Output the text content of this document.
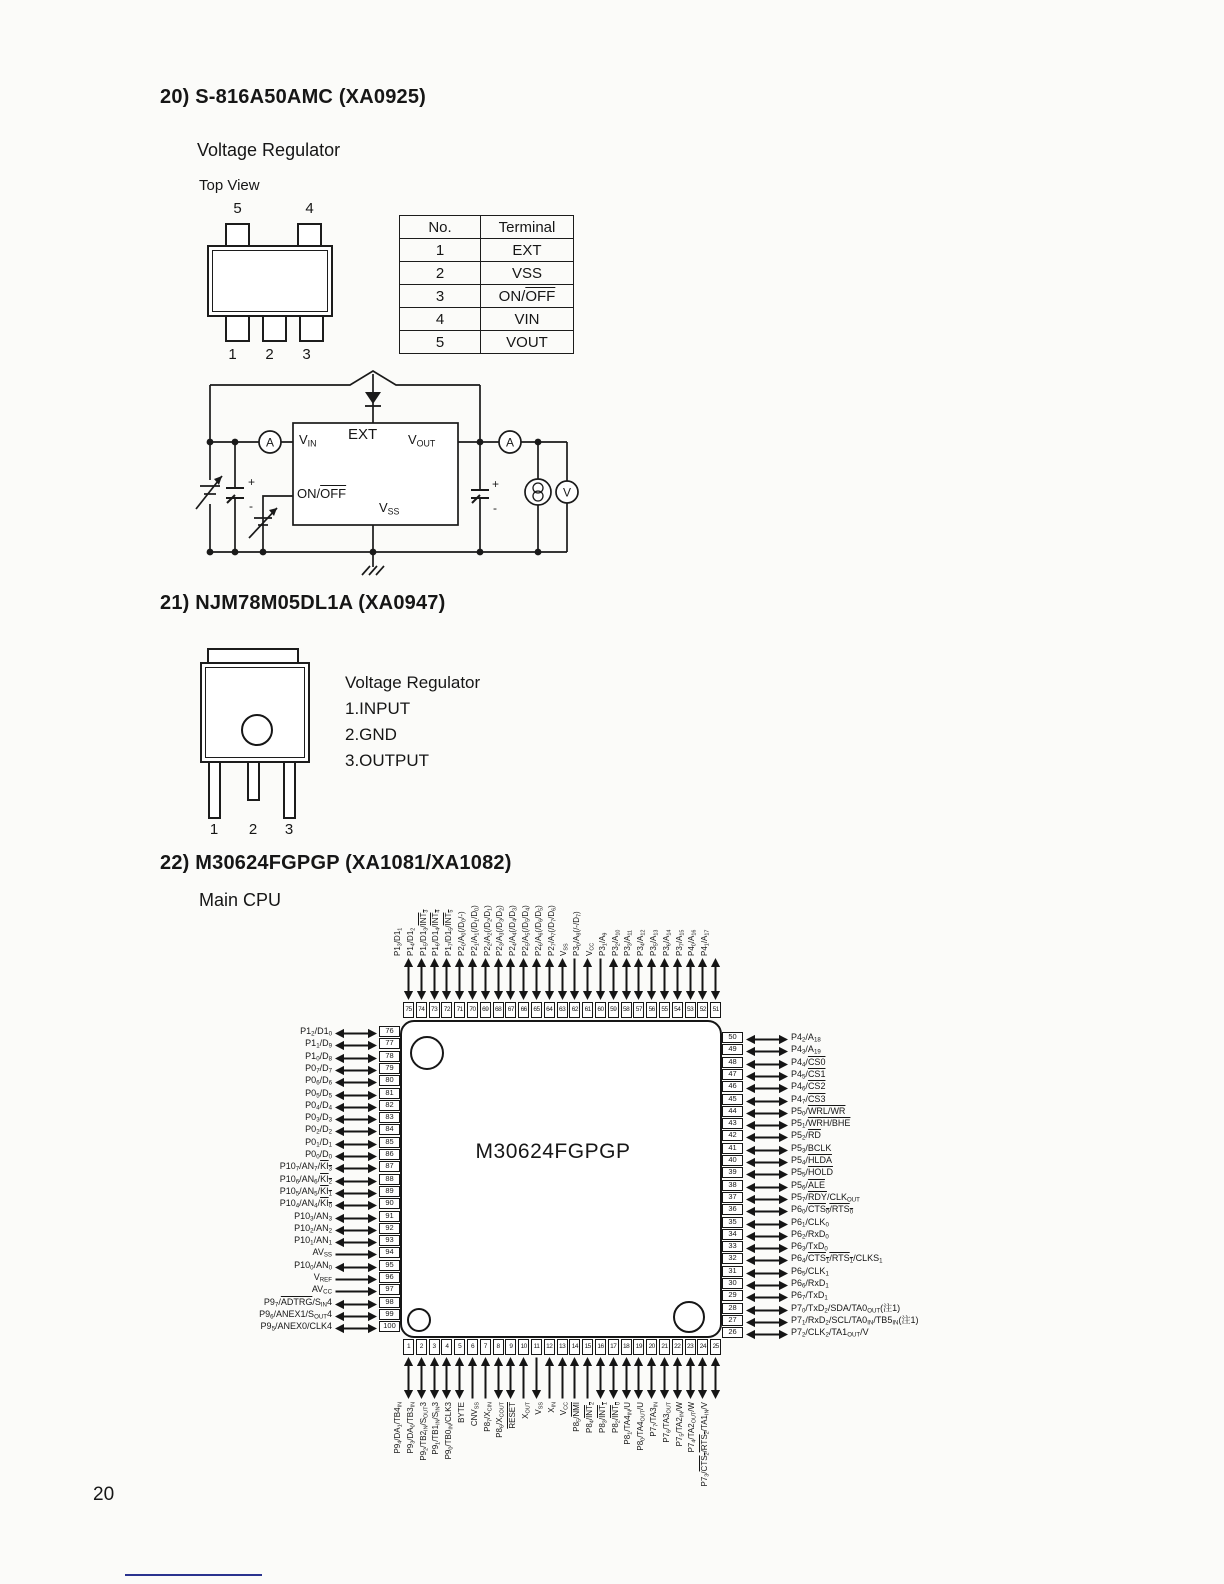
20) S-816A50AMC (XA0925)
Voltage Regulator
Top View
5	4
1	2	3
No.	Terminal
1	EXT
2	VSS
3	$ON/\overline{OFF}$
4	VIN
5	VOUT
A	A
V
+
-
+
-
$V_{IN}$
EXT $V_{OUT}$
$ON/\overline{OFF}$
$V_{SS}$
21) NJM78M05DL1A (XA0947)
1	2	3
Voltage Regulator
1.INPUT
2.GND
3.OUTPUT
22) M30624FGPGP (XA1081/XA1082)
Main CPU
M30624FGPGP
75
$P1_3/D1_1$
74
$P1_4/D1_2$
73
$P1_5/D1_3/INT_3$
72
$P1_6/D1_4/INT_4$
71
$P1_7/D1_5/INT_5$
70
$P2_0/A_0(/D_0/-)$
69
$P2_1/A_1(/D_1/D_0)$
68
$P2_2/A_2(/D_2/D_1)$
67
$P2_3/A_3(/D_3/D_2)$
66
$P2_4/A_4(/D_4/D_3)$
65
$P2_5/A_5(/D_5/D_4)$
64
$P2_6/A_6(/D_6/D_5)$
63
$P2_7/A_7(/D_7/D_6)$
62
$V_{SS}$
61
$P3_0/A_8(/-/D_7)$
60
$V_{CC}$
59
$P3_1/A_9$
58
$P3_2/A_{10}$
57
$P3_3/A_{11}$
56
$P3_4/A_{12}$
55
$P3_5/A_{13}$
54
$P3_6/A_{14}$
53
$P3_7/A_{15}$
52
$P4_0/A_{16}$
51
$P4_1/A_{17}$
1
$P9_4/DA_1/TB4_{IN}$
2
$P9_3/DA_0/TB3_{IN}$
3
$P9_2/TB2_{IN}/S_{OUT}3$
4
$P9_1/TB1_{IN}/S_{IN}3$
5
$P9_0/TB0_{IN}/CLK3$
6
BYTE
7
$CNV_{SS}$
8
$P8_7/X_{CIN}$
9
$P8_6/X_{COUT}$
10
RESET
11
$X_{OUT}$
12
$V_{SS}$
13
$X_{IN}$
14
$V_{CC}$
15
$P8_5/\overline{NMI}$
16
$P8_4/INT_2$
17
$P8_3/INT_1$
18
$P8_2/INT_0$
19
$P8_1/TA4_{IN}/U$
20
$P8_0/TA4_{OUT}/U$
21
$P7_7/TA3_{IN}$
22
$P7_6/TA3_{OUT}$
23
$P7_5/TA2_{IN}/W$
24
$P7_4/TA2_{OUT}/W$
25
$P7_3/CTS_2/RTS_2/TA1_{IN}/V$
76
$P1_2/D1_0$
77
$P1_1/D_9$
78
$P1_0/D_8$
79
$P0_7/D_7$
80
$P0_6/D_6$
81
$P0_5/D_5$
82
$P0_4/D_4$
83
$P0_3/D_3$
84
$P0_2/D_2$
85
$P0_1/D_1$
86
$P0_0/D_0$
87
$P10_7/AN_7/KI_3$
88
$P10_6/AN_6/KI_2$
89
$P10_5/AN_5/KI_1$
90
$P10_4/AN_4/KI_0$
91
$P10_3/AN_3$
92
$P10_2/AN_2$
93
$P10_1/AN_1$
94
$AV_{SS}$
95
$P10_0/AN_0$
96
$V_{REF}$
97
$AV_{CC}$
98
$P9_7/ADTRG/S_{IN}4$
99
$P9_6/ANEX1/S_{OUT}4$
100
$P9_5/ANEX0/CLK4$
50	$P4_2/A_{18}$
49	$P4_3/A_{19}$
48	$P4_4/CS0$
47	$P4_5/CS1$
46	$P4_6/CS2$
45	$P4_7/CS3$
44	$P5_0/WRL/WR$
43	$P5_1/WRH$/BHE
42	$P5_2/\overline{RD}$
41	$P5_3$/BCLK
40	$P5_4$/HLDA
39	$P5_5$/HOLD
38	$P5_6/\overline{ALE}$
37	$P5_7/\overline{RDY}/CLK_{OUT}$
36	$P6_0/CTS_0/RTS_0$
35	$P6_1/CLK_0$
34	$P6_2/RxD_0$
33	$P6_3/TxD_0$
32	$P6_4/CTS_1/RTS_1/CLKS_1$
31	$P6_5/CLK_1$
30	$P6_6/RxD_1$
29	$P6_7/TxD_1$
28	$P7_0/TxD_2/SDA/TA0_{OUT}$(注1)
27	$P7_1/RxD_2/SCL/TA0_{IN}/TB5_{IN}$(注1)
26	$P7_2/CLK_2/TA1_{OUT}/V$
20
